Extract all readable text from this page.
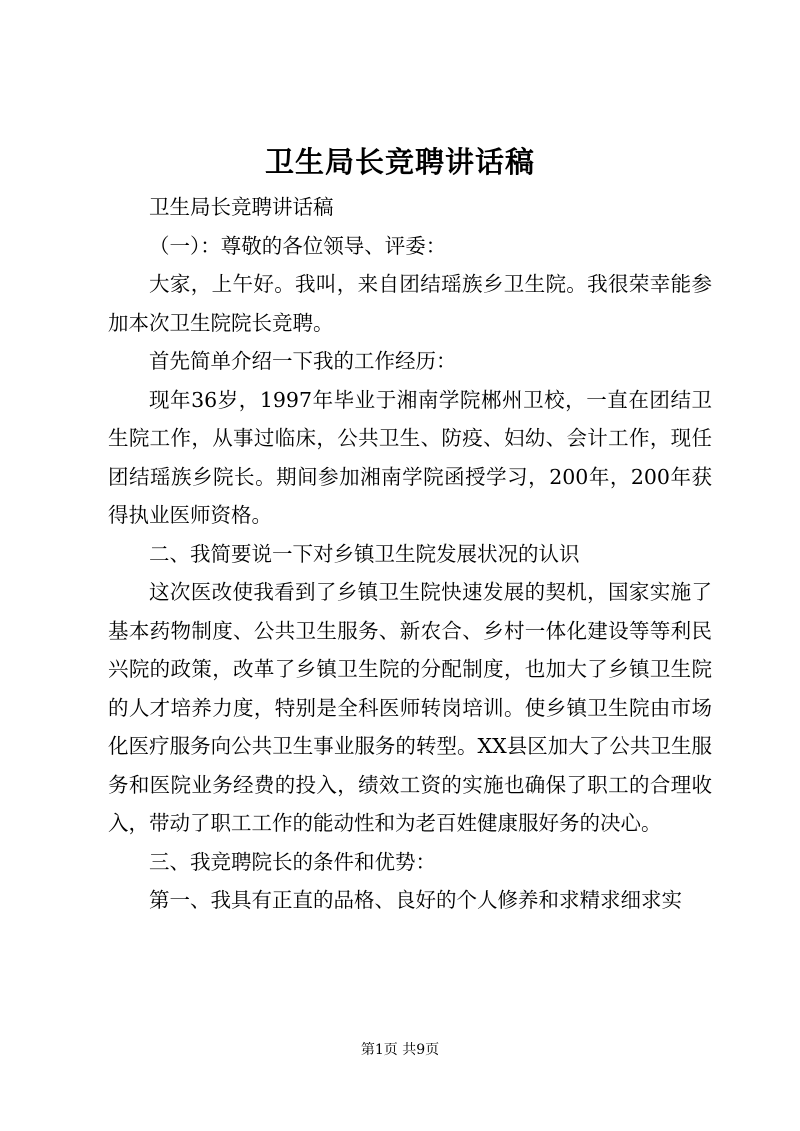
卫生局长竞聘讲话稿

卫生局长竞聘讲话稿

（一）：尊敬的各位领导、评委：

大家，上午好。我叫，来自团结瑶族乡卫生院。我很荣幸能参加本次卫生院院长竞聘。

首先简单介绍一下我的工作经历：

现年36岁，1997年毕业于湘南学院郴州卫校，一直在团结卫生院工作，从事过临床，公共卫生、防疫、妇幼、会计工作，现任团结瑶族乡院长。期间参加湘南学院函授学习，200年，200年获得执业医师资格。

二、我简要说一下对乡镇卫生院发展状况的认识

这次医改使我看到了乡镇卫生院快速发展的契机，国家实施了基本药物制度、公共卫生服务、新农合、乡村一体化建设等等利民兴院的政策，改革了乡镇卫生院的分配制度，也加大了乡镇卫生院的人才培养力度，特别是全科医师转岗培训。使乡镇卫生院由市场化医疗服务向公共卫生事业服务的转型。XX县区加大了公共卫生服务和医院业务经费的投入，绩效工资的实施也确保了职工的合理收入，带动了职工工作的能动性和为老百姓健康服好务的决心。

三、我竞聘院长的条件和优势：

第一、我具有正直的品格、良好的个人修养和求精求细求实

第1页 共9页
